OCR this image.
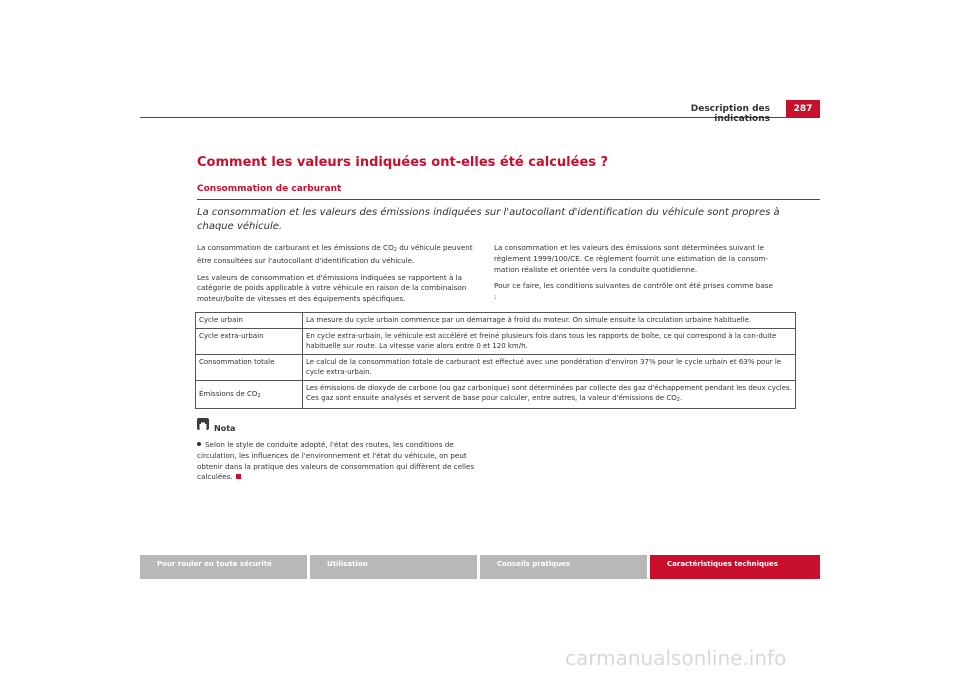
Description des indications
287
Comment les valeurs indiquées ont-elles été calculées ?
Consommation de carburant
La consommation et les valeurs des émissions indiquées sur l'autocollant d'identification du véhicule sont propres à chaque véhicule.

La consommation de carburant et les émissions de $CO_2$ du véhicule peuvent être consultées sur l'autocollant d'identification du véhicule.

Les valeurs de consommation et d'émissions indiquées se rapportent à la catégorie de poids applicable à votre véhicule en raison de la combinaison moteur/boîte de vitesses et des équipements spécifiques.

La consommation et les valeurs des émissions sont déterminées suivant le règlement 1999/100/CE. Ce règlement fournit une estimation de la consom-mation réaliste et orientée vers la conduite quotidienne.

Pour ce faire, les conditions suivantes de contrôle ont été prises comme base :

Cycle urbain	La mesure du cycle urbain commence par un démarrage à froid du moteur. On simule ensuite la circulation urbaine habituelle.
Cycle extra-urbain	En cycle extra-urbain, le véhicule est accéléré et freiné plusieurs fois dans tous les rapports de boîte, ce qui correspond à la con-duite habituelle sur route. La vitesse varie alors entre 0 et 120 km/h.
Consommation totale	Le calcul de la consommation totale de carburant est effectué avec une pondération d'environ 37% pour le cycle urbain et 63% pour le cycle extra-urbain.
Émissions de $CO_2$	Les émissions de dioxyde de carbone (ou gaz carbonique) sont déterminées par collecte des gaz d'échappement pendant les deux cycles. Ces gaz sont ensuite analysés et servent de base pour calculer, entre autres, la valeur d'émissions de $CO_2$.
Nota
Selon le style de conduite adopté, l'état des routes, les conditions de circulation, les influences de l'environnement et l'état du véhicule, on peut obtenir dans la pratique des valeurs de consommation qui diffèrent de celles calculées.
Pour rouler en toute sécurité	Utilisation	Conseils pratiques	Caractéristiques techniques
carmanualsonline.info
